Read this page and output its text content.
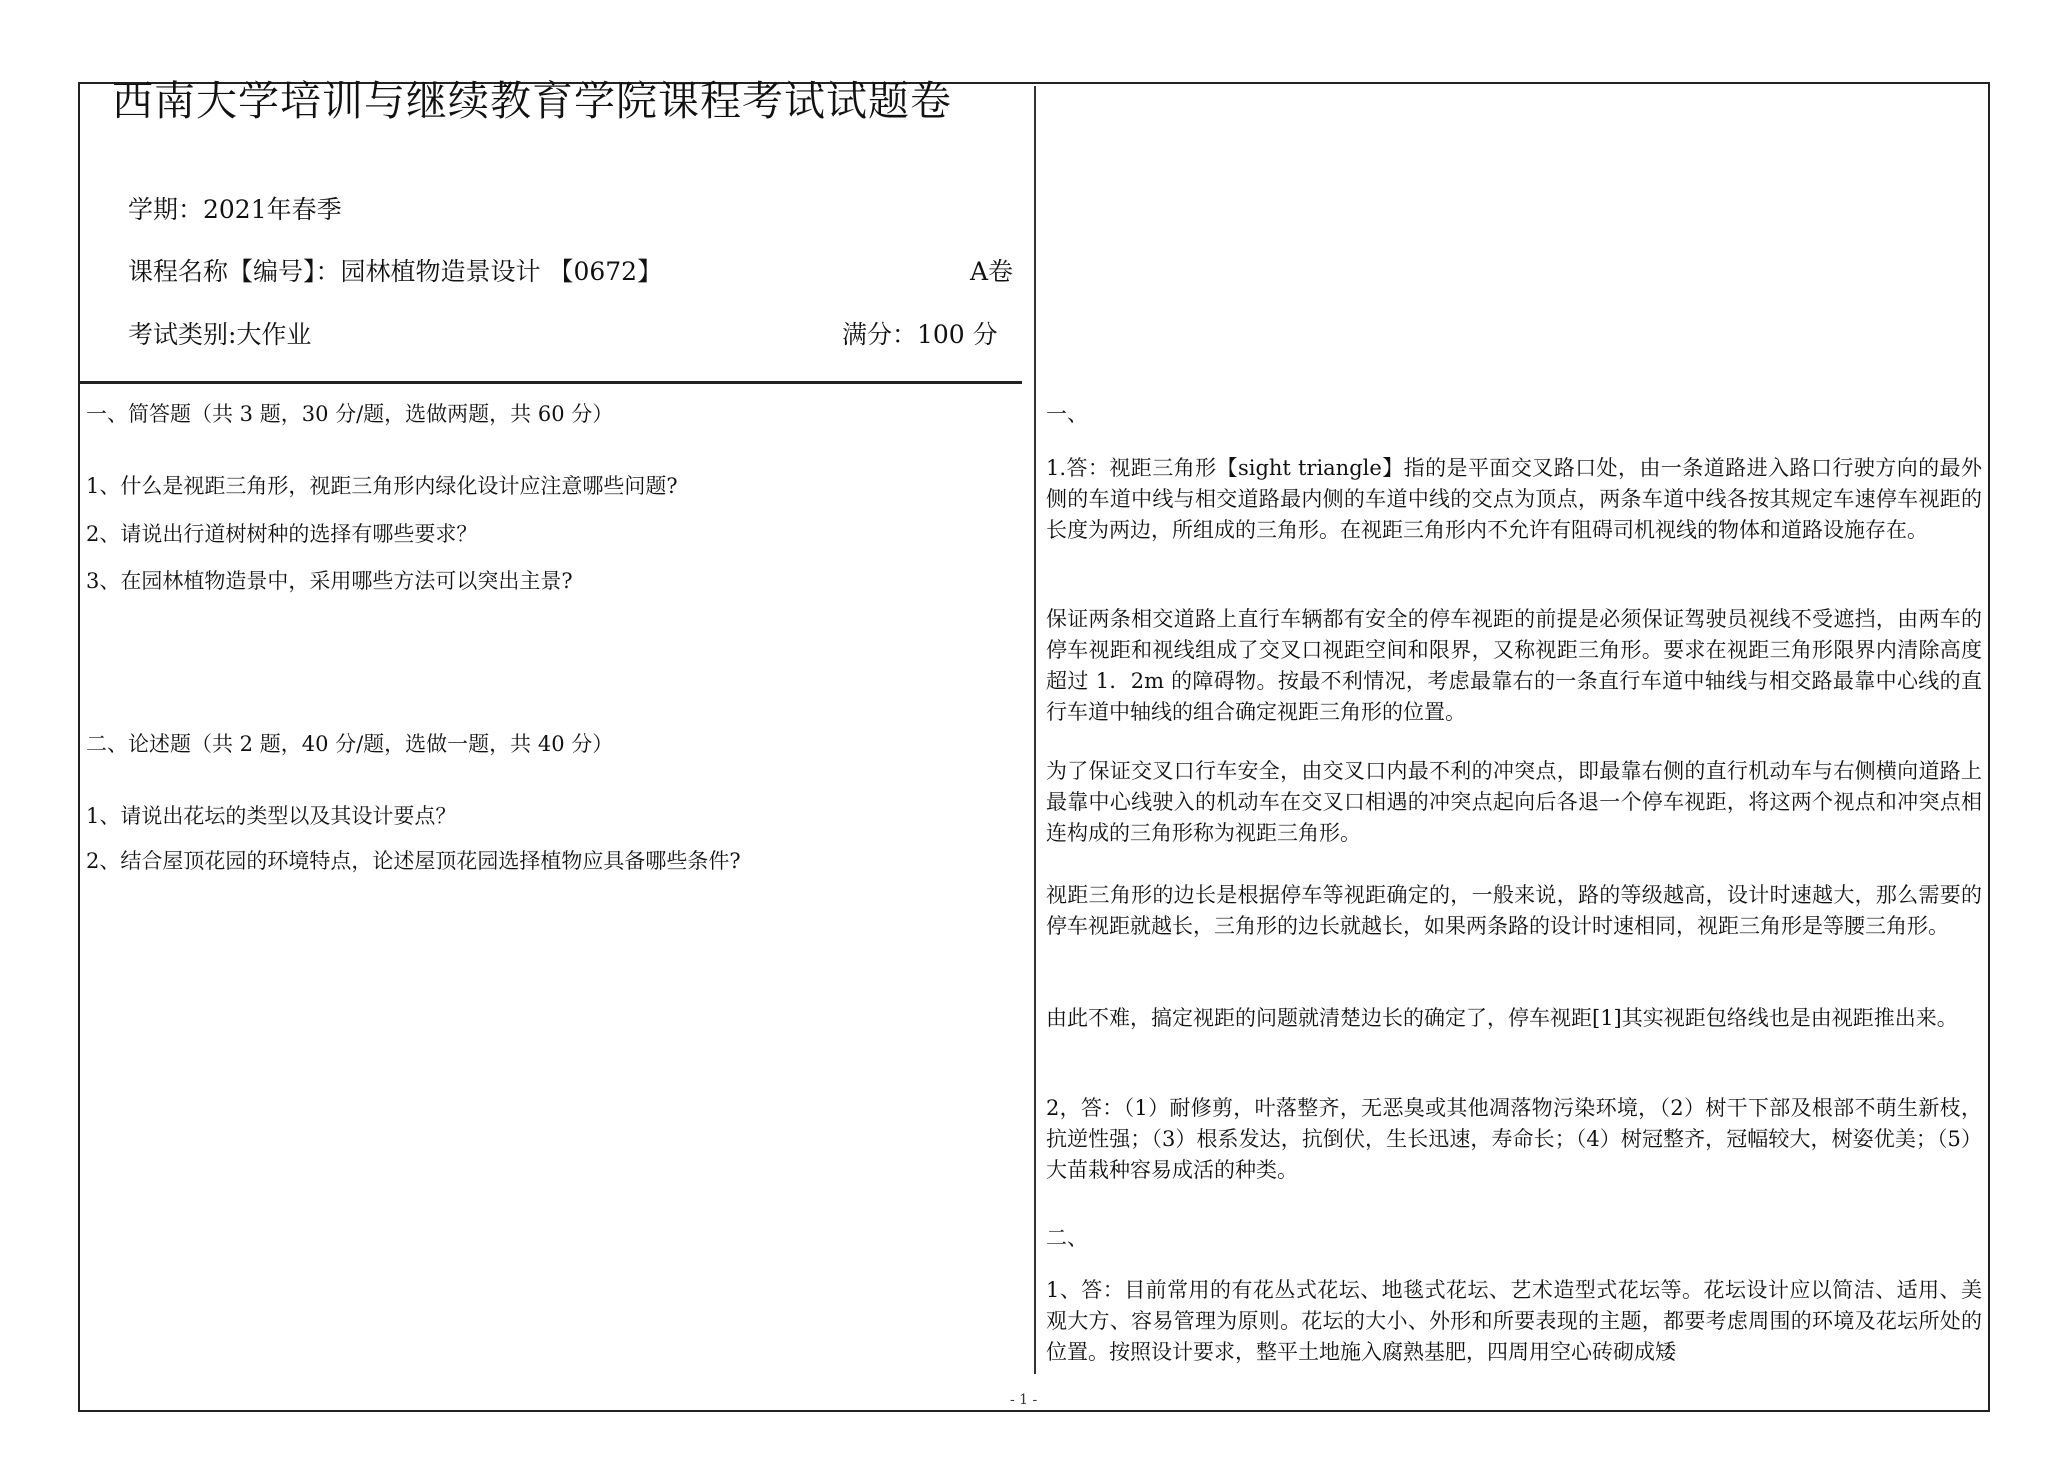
西南大学培训与继续教育学院课程考试试题卷
学期：2021年春季
课程名称【编号】：园林植物造景设计 【0672】	A卷
考试类别:大作业	满分：100 分
一、简答题（共 3 题，30 分/题，选做两题，共 60 分）
1、什么是视距三角形，视距三角形内绿化设计应注意哪些问题?
2、请说出行道树树种的选择有哪些要求？
3、在园林植物造景中，采用哪些方法可以突出主景?
二、论述题（共 2 题，40 分/题，选做一题，共 40 分）
1、请说出花坛的类型以及其设计要点？
2、结合屋顶花园的环境特点，论述屋顶花园选择植物应具备哪些条件?
一、

1.答：视距三角形【sight triangle】指的是平面交叉路口处，由一条道路进入路口行驶方向的最外侧的车道中线与相交道路最内侧的车道中线的交点为顶点，两条车道中线各按其规定车速停车视距的长度为两边，所组成的三角形。在视距三角形内不允许有阻碍司机视线的物体和道路设施存在。

保证两条相交道路上直行车辆都有安全的停车视距的前提是必须保证驾驶员视线不受遮挡，由两车的停车视距和视线组成了交叉口视距空间和限界，又称视距三角形。要求在视距三角形限界内清除高度超过 1．2m 的障碍物。按最不利情况，考虑最靠右的一条直行车道中轴线与相交路最靠中心线的直行车道中轴线的组合确定视距三角形的位置。

为了保证交叉口行车安全，由交叉口内最不利的冲突点，即最靠右侧的直行机动车与右侧横向道路上最靠中心线驶入的机动车在交叉口相遇的冲突点起向后各退一个停车视距，将这两个视点和冲突点相连构成的三角形称为视距三角形。

视距三角形的边长是根据停车等视距确定的，一般来说，路的等级越高，设计时速越大，那么需要的停车视距就越长，三角形的边长就越长，如果两条路的设计时速相同，视距三角形是等腰三角形。

由此不难，搞定视距的问题就清楚边长的确定了，停车视距[1]其实视距包络线也是由视距推出来。

2，答：（1）耐修剪，叶落整齐，无恶臭或其他凋落物污染环境，（2）树干下部及根部不萌生新枝，抗逆性强；（3）根系发达，抗倒伏，生长迅速，寿命长；（4）树冠整齐，冠幅较大，树姿优美；（5）大苗栽种容易成活的种类。

二、

1、答：目前常用的有花丛式花坛、地毯式花坛、艺术造型式花坛等。花坛设计应以简洁、适用、美观大方、容易管理为原则。花坛的大小、外形和所要表现的主题，都要考虑周围的环境及花坛所处的位置。按照设计要求，整平土地施入腐熟基肥，四周用空心砖砌成矮

- 1 -
